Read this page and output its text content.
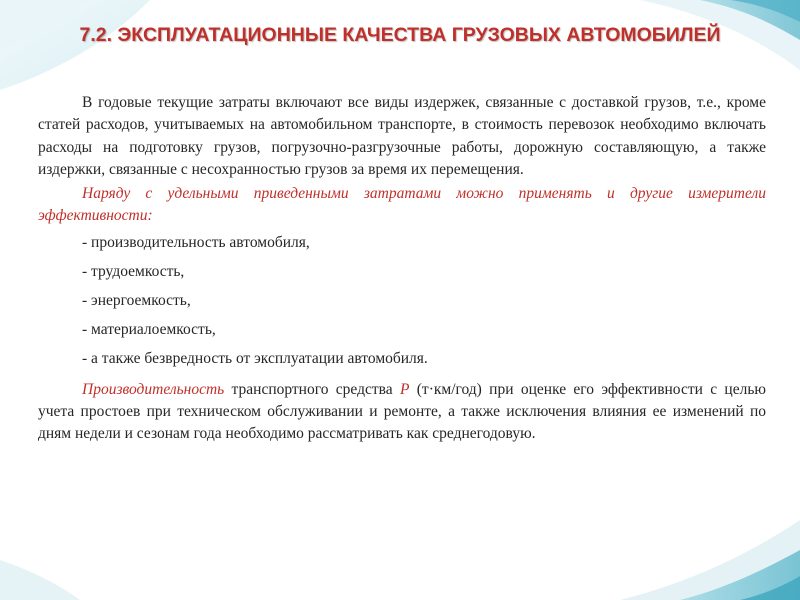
7.2. ЭКСПЛУАТАЦИОННЫЕ КАЧЕСТВА ГРУЗОВЫХ АВТОМОБИЛЕЙ

В годовые текущие затраты включают все виды издержек, связанные с доставкой грузов, т.е., кроме статей расходов, учитываемых на автомобильном транспорте, в стоимость перевозок необходимо включать расходы на подготовку грузов, погрузочно-разгрузочные работы, дорожную составляющую, а также издержки, связанные с несохранностью грузов за время их перемещения.

Наряду с удельными приведенными затратами можно применять и другие измерители эффективности:

- производительность автомобиля,

- трудоемкость,

- энергоемкость,

- материалоемкость,

- а также безвредность от эксплуатации автомобиля.

Производительность транспортного средства Р (т·км/год) при оценке его эффективности с целью учета простоев при техническом обслуживании и ремонте, а также исключения влияния ее изменений по дням недели и сезонам года необходимо рассматривать как среднегодовую.
